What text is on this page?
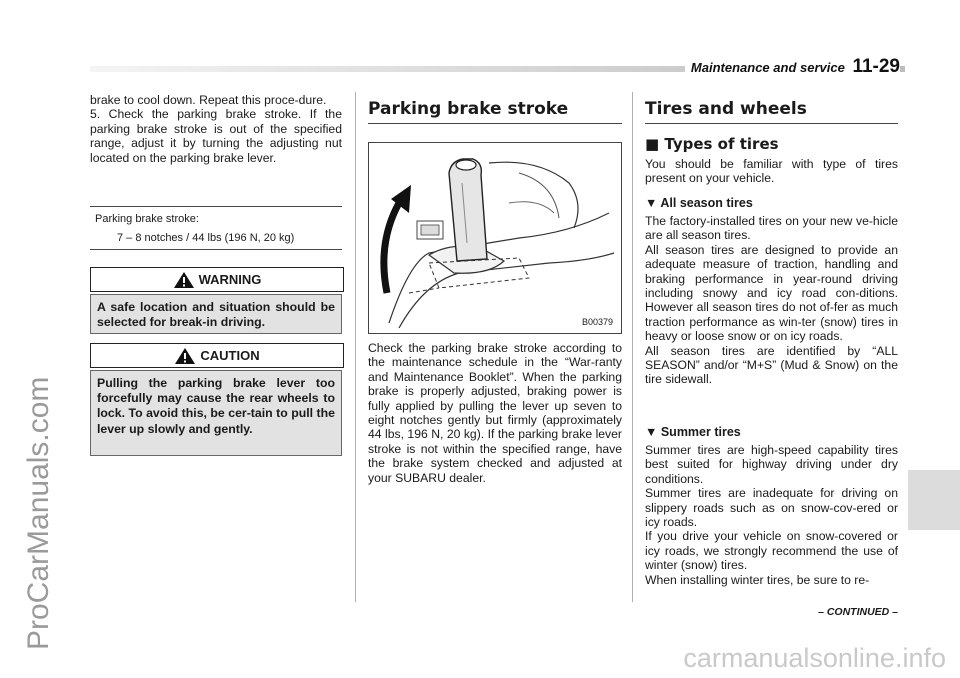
ProCarManuals.com
carmanualsonline.info
Maintenance and service 11-29

brake to cool down. Repeat this proce-dure.
5. Check the parking brake stroke. If the parking brake stroke is out of the specified range, adjust it by turning the adjusting nut located on the parking brake lever.

Parking brake stroke:
7 – 8 notches / 44 lbs (196 N, 20 kg)
WARNING
A safe location and situation should be selected for break-in driving.
CAUTION
Pulling the parking brake lever too forcefully may cause the rear wheels to lock. To avoid this, be cer-tain to pull the lever up slowly and gently.
Parking brake stroke
B00379

Check the parking brake stroke according to the maintenance schedule in the “War-ranty and Maintenance Booklet”. When the parking brake is properly adjusted, braking power is fully applied by pulling the lever up seven to eight notches gently but firmly (approximately 44 lbs, 196 N, 20 kg). If the parking brake lever stroke is not within the specified range, have the brake system checked and adjusted at your SUBARU dealer.

Tires and wheels
■ Types of tires

You should be familiar with type of tires present on your vehicle.

▼ All season tires

The factory-installed tires on your new ve-hicle are all season tires.
All season tires are designed to provide an adequate measure of traction, handling and braking performance in year-round driving including snowy and icy road con-ditions. However all season tires do not of-fer as much traction performance as win-ter (snow) tires in heavy or loose snow or on icy roads.
All season tires are identified by “ALL SEASON” and/or “M+S” (Mud & Snow) on the tire sidewall.

▼ Summer tires

Summer tires are high-speed capability tires best suited for highway driving under dry conditions.
Summer tires are inadequate for driving on slippery roads such as on snow-cov-ered or icy roads.
If you drive your vehicle on snow-covered or icy roads, we strongly recommend the use of winter (snow) tires.
When installing winter tires, be sure to re-

– CONTINUED –
